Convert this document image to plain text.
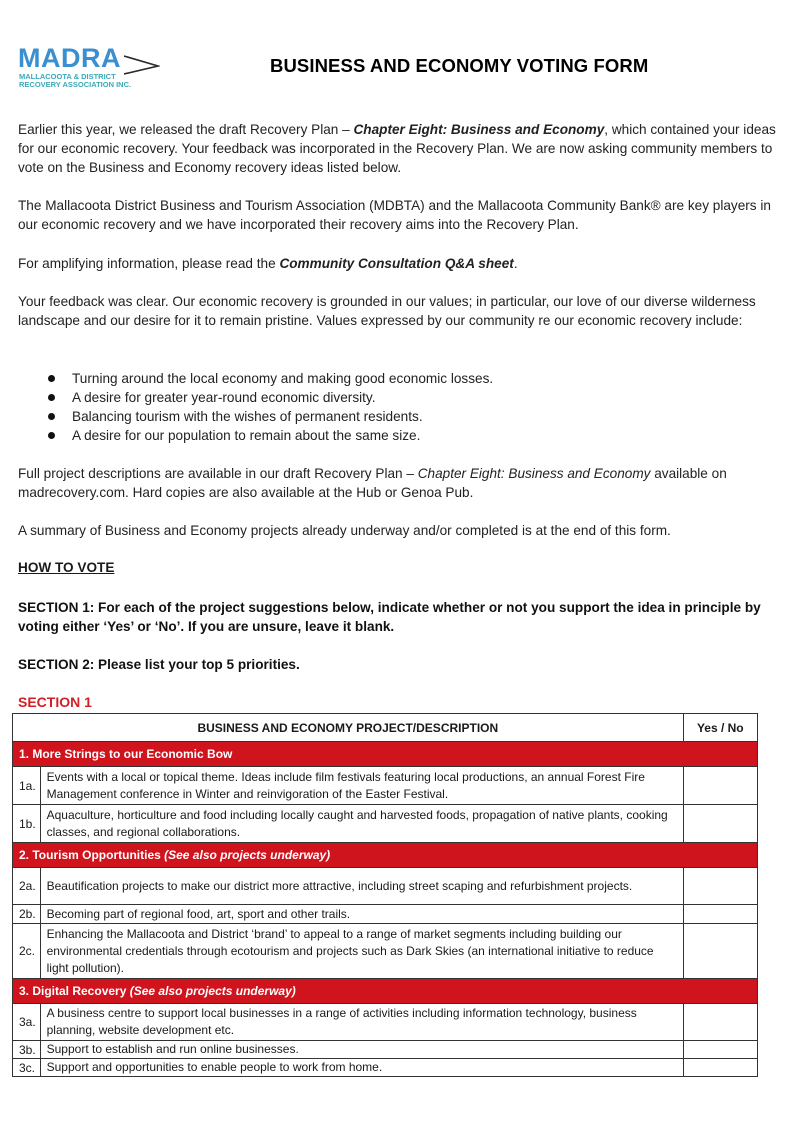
MADRA
MALLACOOTA & DISTRICT
RECOVERY ASSOCIATION INC.
BUSINESS AND ECONOMY VOTING FORM
Earlier this year, we released the draft Recovery Plan – Chapter Eight: Business and Economy, which contained your ideas for our economic recovery. Your feedback was incorporated in the Recovery Plan. We are now asking community members to vote on the Business and Economy recovery ideas listed below.
The Mallacoota District Business and Tourism Association (MDBTA) and the Mallacoota Community Bank® are key players in our economic recovery and we have incorporated their recovery aims into the Recovery Plan.
For amplifying information, please read the Community Consultation Q&A sheet.
Your feedback was clear. Our economic recovery is grounded in our values; in particular, our love of our diverse wilderness landscape and our desire for it to remain pristine. Values expressed by our community re our economic recovery include:
Turning around the local economy and making good economic losses.
A desire for greater year-round economic diversity.
Balancing tourism with the wishes of permanent residents.
A desire for our population to remain about the same size.
Full project descriptions are available in our draft Recovery Plan – Chapter Eight: Business and Economy available on madrecovery.com. Hard copies are also available at the Hub or Genoa Pub.
A summary of Business and Economy projects already underway and/or completed is at the end of this form.
HOW TO VOTE
SECTION 1: For each of the project suggestions below, indicate whether or not you support the idea in principle by voting either ‘Yes’ or ‘No’. If you are unsure, leave it blank.
SECTION 2: Please list your top 5 priorities.
SECTION 1
BUSINESS AND ECONOMY PROJECT/DESCRIPTION		Yes / No
1. More Strings to our Economic Bow		
1a.	Events with a local or topical theme. Ideas include film festivals featuring local productions, an annual Forest Fire Management conference in Winter and reinvigoration of the Easter Festival.	
1b.	Aquaculture, horticulture and food including locally caught and harvested foods, propagation of native plants, cooking classes, and regional collaborations.	
2. Tourism Opportunities (See also projects underway)		
2a.	Beautification projects to make our district more attractive, including street scaping and refurbishment projects.	
2b.	Becoming part of regional food, art, sport and other trails.	
2c.	Enhancing the Mallacoota and District ‘brand’ to appeal to a range of market segments including building our environmental credentials through ecotourism and projects such as Dark Skies (an international initiative to reduce light pollution).	
3. Digital Recovery (See also projects underway)		
3a.	A business centre to support local businesses in a range of activities including information technology, business planning, website development etc.	
3b.	Support to establish and run online businesses.	
3c.	Support and opportunities to enable people to work from home.	
